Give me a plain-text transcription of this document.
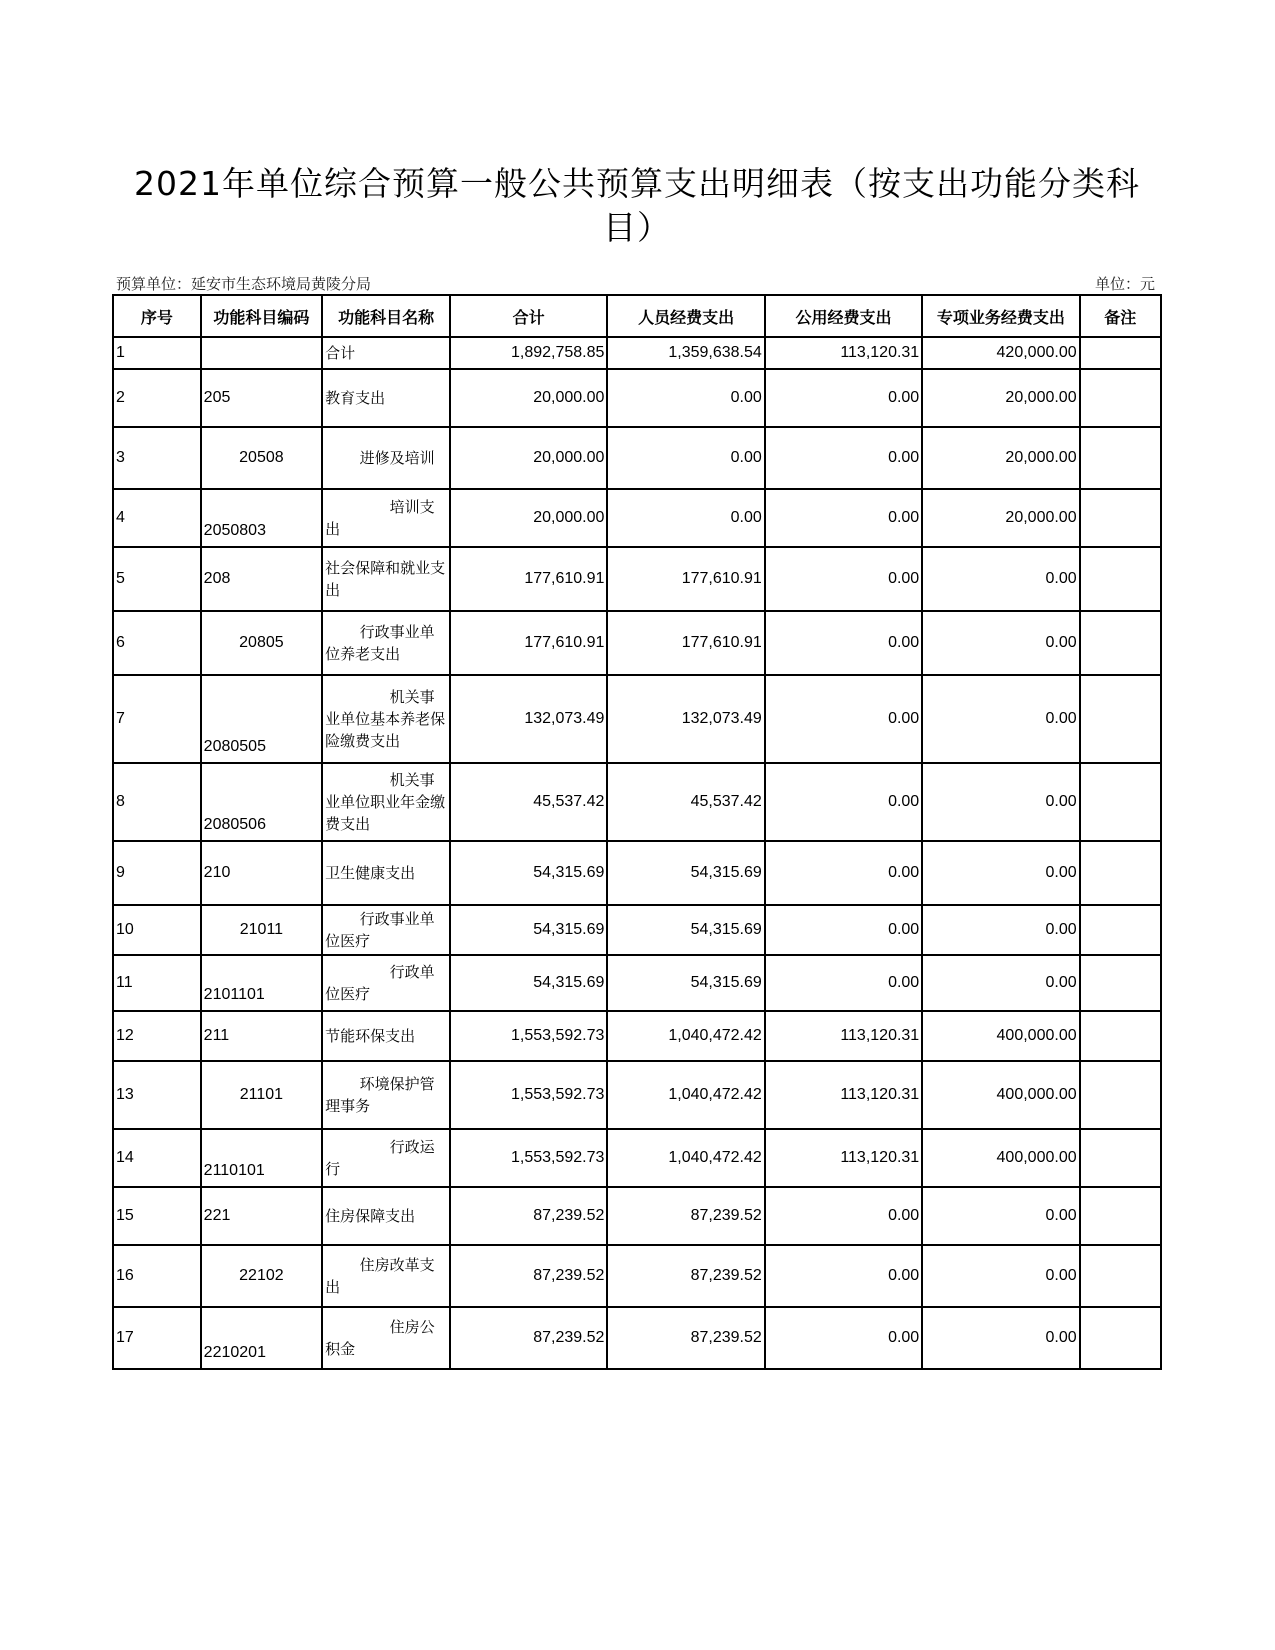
2021年单位综合预算一般公共预算支出明细表（按支出功能分类科目）
预算单位：延安市生态环境局黄陵分局	单位：元
序号	功能科目编码	功能科目名称	合计	人员经费支出	公用经费支出	专项业务经费支出	备注
1		合计	1,892,758.85	1,359,638.54	113,120.31	420,000.00	
2	205	教育支出	20,000.00	0.00	0.00	20,000.00	
3	20508	进修及培训	20,000.00	0.00	0.00	20,000.00	
4	2050803	培训支出	20,000.00	0.00	0.00	20,000.00	
5	208	社会保障和就业支出	177,610.91	177,610.91	0.00	0.00	
6	20805	行政事业单位养老支出	177,610.91	177,610.91	0.00	0.00	
7	2080505	机关事业单位基本养老保险缴费支出	132,073.49	132,073.49	0.00	0.00	
8	2080506	机关事业单位职业年金缴费支出	45,537.42	45,537.42	0.00	0.00	
9	210	卫生健康支出	54,315.69	54,315.69	0.00	0.00	
10	21011	行政事业单位医疗	54,315.69	54,315.69	0.00	0.00	
11	2101101	行政单位医疗	54,315.69	54,315.69	0.00	0.00	
12	211	节能环保支出	1,553,592.73	1,040,472.42	113,120.31	400,000.00	
13	21101	环境保护管理事务	1,553,592.73	1,040,472.42	113,120.31	400,000.00	
14	2110101	行政运行	1,553,592.73	1,040,472.42	113,120.31	400,000.00	
15	221	住房保障支出	87,239.52	87,239.52	0.00	0.00	
16	22102	住房改革支出	87,239.52	87,239.52	0.00	0.00	
17	2210201	住房公积金	87,239.52	87,239.52	0.00	0.00	
